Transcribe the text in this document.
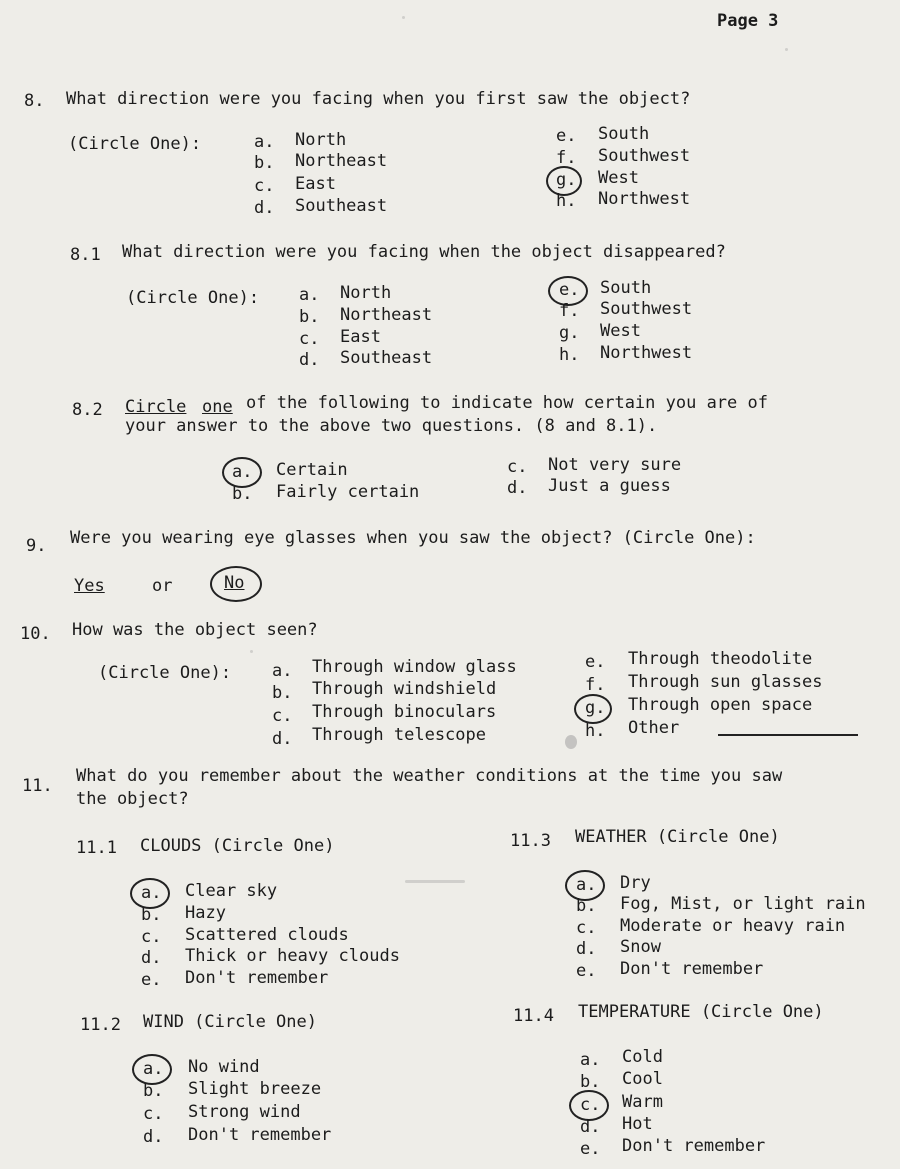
Page 3
8. What direction were you facing when you first saw the object?
(Circle One):	a. North
b. Northeast
c. East
d. Southeast
e. South
f. Southwest
g. West
h. Northwest
8.1 What direction were you facing when the object disappeared?
(Circle One): a. North
b. Northeast
c. East
d. Southeast
e. South
f. Southwest
g. West
h. Northwest
8.2 Circle one of the following to indicate how certain you are of
your answer to the above two questions. (8 and 8.1).
a. Certain
b. Fairly certain
c. Not very sure
d. Just a guess
9. Were you wearing eye glasses when you saw the object? (Circle One):
Yes	or	No
10. How was the object seen?
(Circle One): a. Through window glass
b. Through windshield
c. Through binoculars
d. Through telescope
e. Through theodolite
f. Through sun glasses
g. Through open space
h. Other
11. What do you remember about the weather conditions at the time you saw
the object?
11.1 CLOUDS (Circle One)
a. Clear sky
b. Hazy
c. Scattered clouds
d. Thick or heavy clouds
e. Don't remember
11.2 WIND (Circle One)
a. No wind
b. Slight breeze
c. Strong wind
d. Don't remember
11.3 WEATHER (Circle One)
a. Dry
b. Fog, Mist, or light rain
c. Moderate or heavy rain
d. Snow
e. Don't remember
11.4 TEMPERATURE (Circle One)
a. Cold
b. Cool
c. Warm
d. Hot
e. Don't remember
